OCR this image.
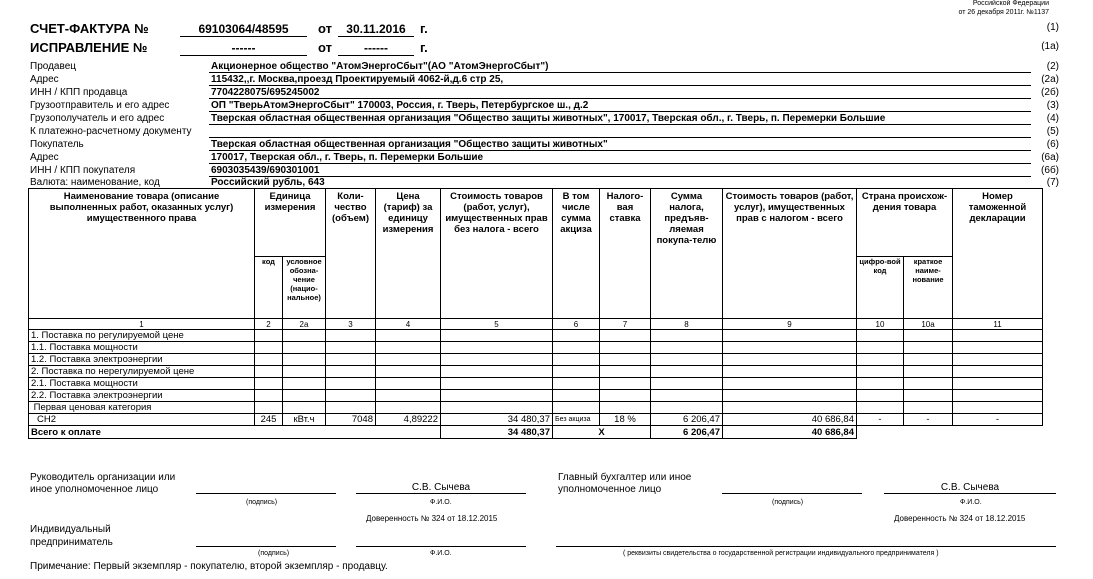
Российской Федерации
от 26 декабря 2011г. №1137
СЧЕТ-ФАКТУРА №	69103064/48595	от	30.11.2016	г.	(1)
ИСПРАВЛЕНИЕ №	------	от	------	г.	(1а)
Продавец	Акционерное общество "АтомЭнергоСбыт"(АО "АтомЭнергоСбыт")	(2)
Адрес	115432,,г. Москва,проезд Проектируемый 4062-й,д.6 стр 25,	(2а)
ИНН / КПП продавца	7704228075/695245002	(2б)
Грузоотправитель и его адрес	ОП "ТверьАтомЭнергоСбыт" 170003, Россия, г. Тверь, Петербургское ш., д.2	(3)
Грузополучатель и его адрес	Тверская областная общественная организация "Общество защиты животных", 170017, Тверская обл., г. Тверь, п. Перемерки Большие	(4)
К платежно-расчетному документу	(5)
Покупатель	Тверская областная общественная организация "Общество защиты животных"	(6)
Адрес	170017, Тверская обл., г. Тверь, п. Перемерки Большие	(6а)
ИНН / КПП покупателя	6903035439/690301001	(6б)
Валюта: наименование, код	Российский рубль, 643	(7)
Наименование товара (описание выполненных работ, оказанных услуг) имущественного права	Единица измерения		Коли-чество (объем)	Цена (тариф) за единицу измерения	Стоимость товаров (работ, услуг), имущественных прав без налога - всего	В том числе сумма акциза	Налого-вая ставка	Сумма налога, предъяв-ляемая покупа-телю	Стоимость товаров (работ, услуг), имущественных прав с налогом - всего	Страна происхож-дения товара		Номер таможенной декларации
	код	условное обозна-чение (нацио-нальное)								цифро-вой код	краткое наиме-нование	
1	2	2а	3	4	5	6	7	8	9	10	10а	11
1. Поставка по регулируемой цене												
1.1. Поставка мощности												
1.2. Поставка электроэнергии												
2. Поставка по нерегулируемой цене												
2.1. Поставка мощности												
2.2. Поставка электроэнергии												
Первая ценовая категория												
CH2	245	кВт.ч	7048	4,89222	34 480,37	Без акциза	18 %	6 206,47	40 686,84	-	-	-
Всего к оплате					34 480,37	Х		6 206,47	40 686,84			
Руководитель организации или
иное уполномоченное лицо	С.В. Сычева
(подпись)	Ф.И.О.
Доверенность № 324 от 18.12.2015
Главный бухгалтер или иное
уполномоченное лицо	С.В. Сычева
(подпись)	Ф.И.О.
Доверенность № 324 от 18.12.2015
Индивидуальный
предприниматель
(подпись)	Ф.И.О.	( реквизиты свидетельства о государственной регистрации индивидуального предпринимателя )
Примечание: Первый экземпляр - покупателю, второй экземпляр - продавцу.
